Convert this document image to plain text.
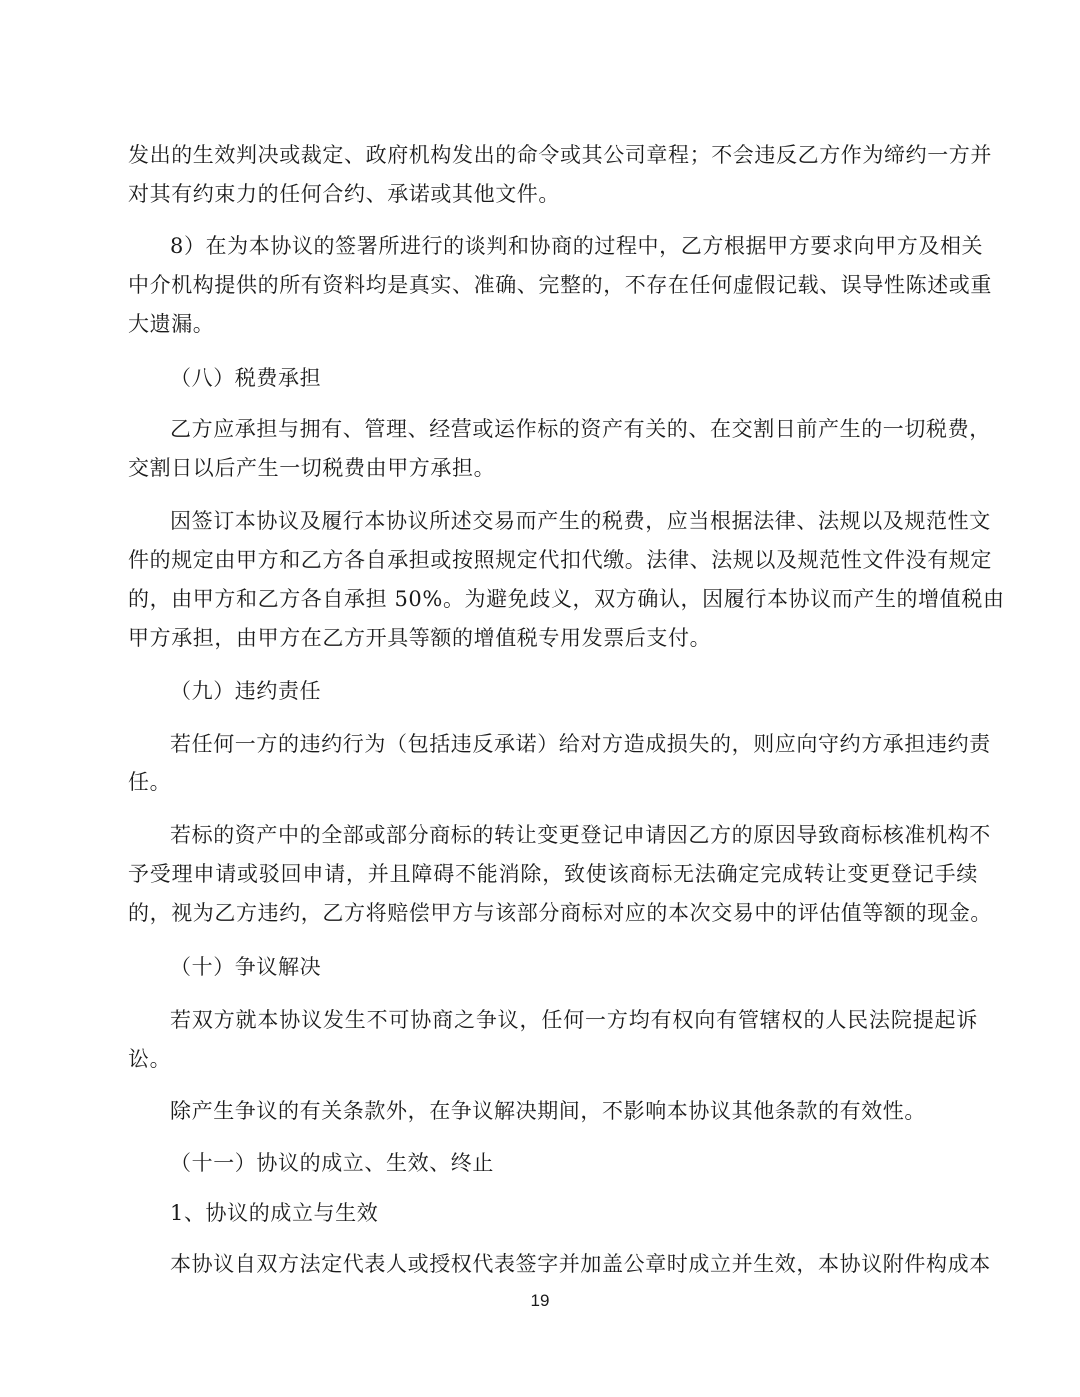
发出的生效判决或裁定、政府机构发出的命令或其公司章程；不会违反乙方作为缔约一方并
对其有约束力的任何合约、承诺或其他文件。
8）在为本协议的签署所进行的谈判和协商的过程中，乙方根据甲方要求向甲方及相关
中介机构提供的所有资料均是真实、准确、完整的，不存在任何虚假记载、误导性陈述或重
大遗漏。
（八）税费承担
乙方应承担与拥有、管理、经营或运作标的资产有关的、在交割日前产生的一切税费，
交割日以后产生一切税费由甲方承担。
因签订本协议及履行本协议所述交易而产生的税费，应当根据法律、法规以及规范性文
件的规定由甲方和乙方各自承担或按照规定代扣代缴。法律、法规以及规范性文件没有规定
的，由甲方和乙方各自承担 50%。为避免歧义，双方确认，因履行本协议而产生的增值税由
甲方承担，由甲方在乙方开具等额的增值税专用发票后支付。
（九）违约责任
若任何一方的违约行为（包括违反承诺）给对方造成损失的，则应向守约方承担违约责
任。
若标的资产中的全部或部分商标的转让变更登记申请因乙方的原因导致商标核准机构不
予受理申请或驳回申请，并且障碍不能消除，致使该商标无法确定完成转让变更登记手续
的，视为乙方违约，乙方将赔偿甲方与该部分商标对应的本次交易中的评估值等额的现金。
（十）争议解决
若双方就本协议发生不可协商之争议，任何一方均有权向有管辖权的人民法院提起诉
讼。
除产生争议的有关条款外，在争议解决期间，不影响本协议其他条款的有效性。
（十一）协议的成立、生效、终止
1、协议的成立与生效
本协议自双方法定代表人或授权代表签字并加盖公章时成立并生效，本协议附件构成本
19
